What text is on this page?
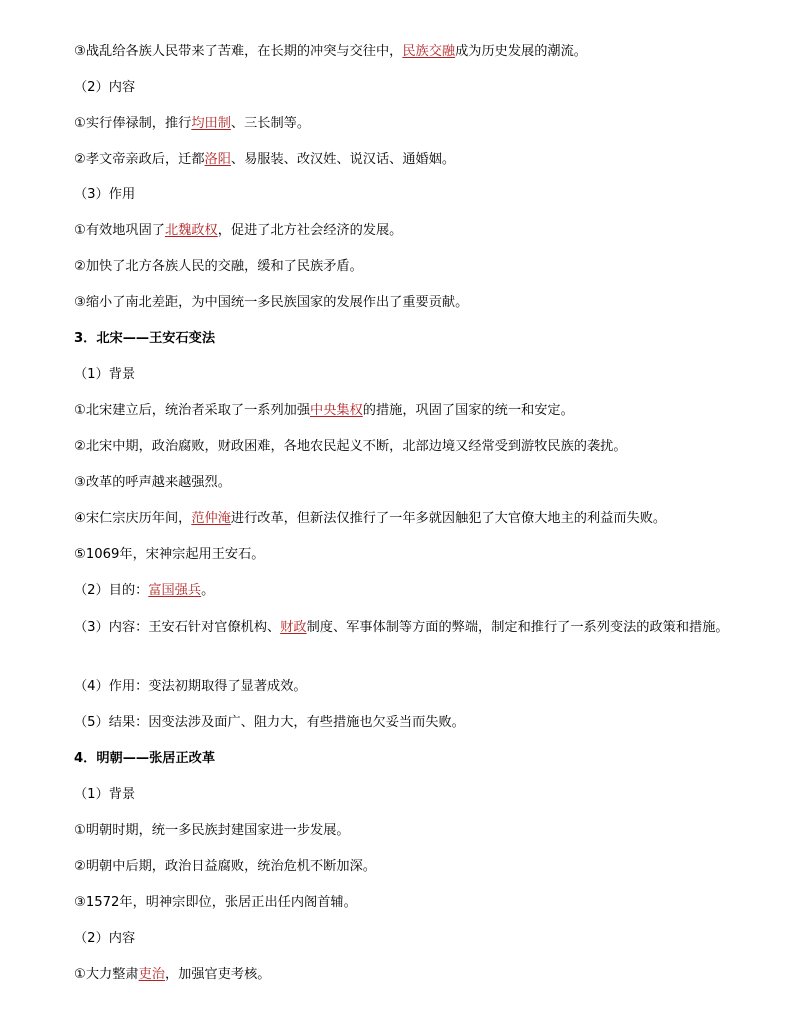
③战乱给各族人民带来了苦难，在长期的冲突与交往中，民族交融成为历史发展的潮流。
（2）内容
①实行俸禄制，推行均田制、三长制等。
②孝文帝亲政后，迁都洛阳、易服装、改汉姓、说汉话、通婚姻。
（3）作用
①有效地巩固了北魏政权，促进了北方社会经济的发展。
②加快了北方各族人民的交融，缓和了民族矛盾。
③缩小了南北差距，为中国统一多民族国家的发展作出了重要贡献。
3．北宋——王安石变法
（1）背景
①北宋建立后，统治者采取了一系列加强中央集权的措施，巩固了国家的统一和安定。
②北宋中期，政治腐败，财政困难，各地农民起义不断，北部边境又经常受到游牧民族的袭扰。
③改革的呼声越来越强烈。
④宋仁宗庆历年间，范仲淹进行改革，但新法仅推行了一年多就因触犯了大官僚大地主的利益而失败。
⑤1069年，宋神宗起用王安石。
（2）目的：富国强兵。
（3）内容：王安石针对官僚机构、财政制度、军事体制等方面的弊端，制定和推行了一系列变法的政策和措施。
（4）作用：变法初期取得了显著成效。
（5）结果：因变法涉及面广、阻力大，有些措施也欠妥当而失败。
4．明朝——张居正改革
（1）背景
①明朝时期，统一多民族封建国家进一步发展。
②明朝中后期，政治日益腐败，统治危机不断加深。
③1572年，明神宗即位，张居正出任内阁首辅。
（2）内容
①大力整肃吏治，加强官吏考核。
